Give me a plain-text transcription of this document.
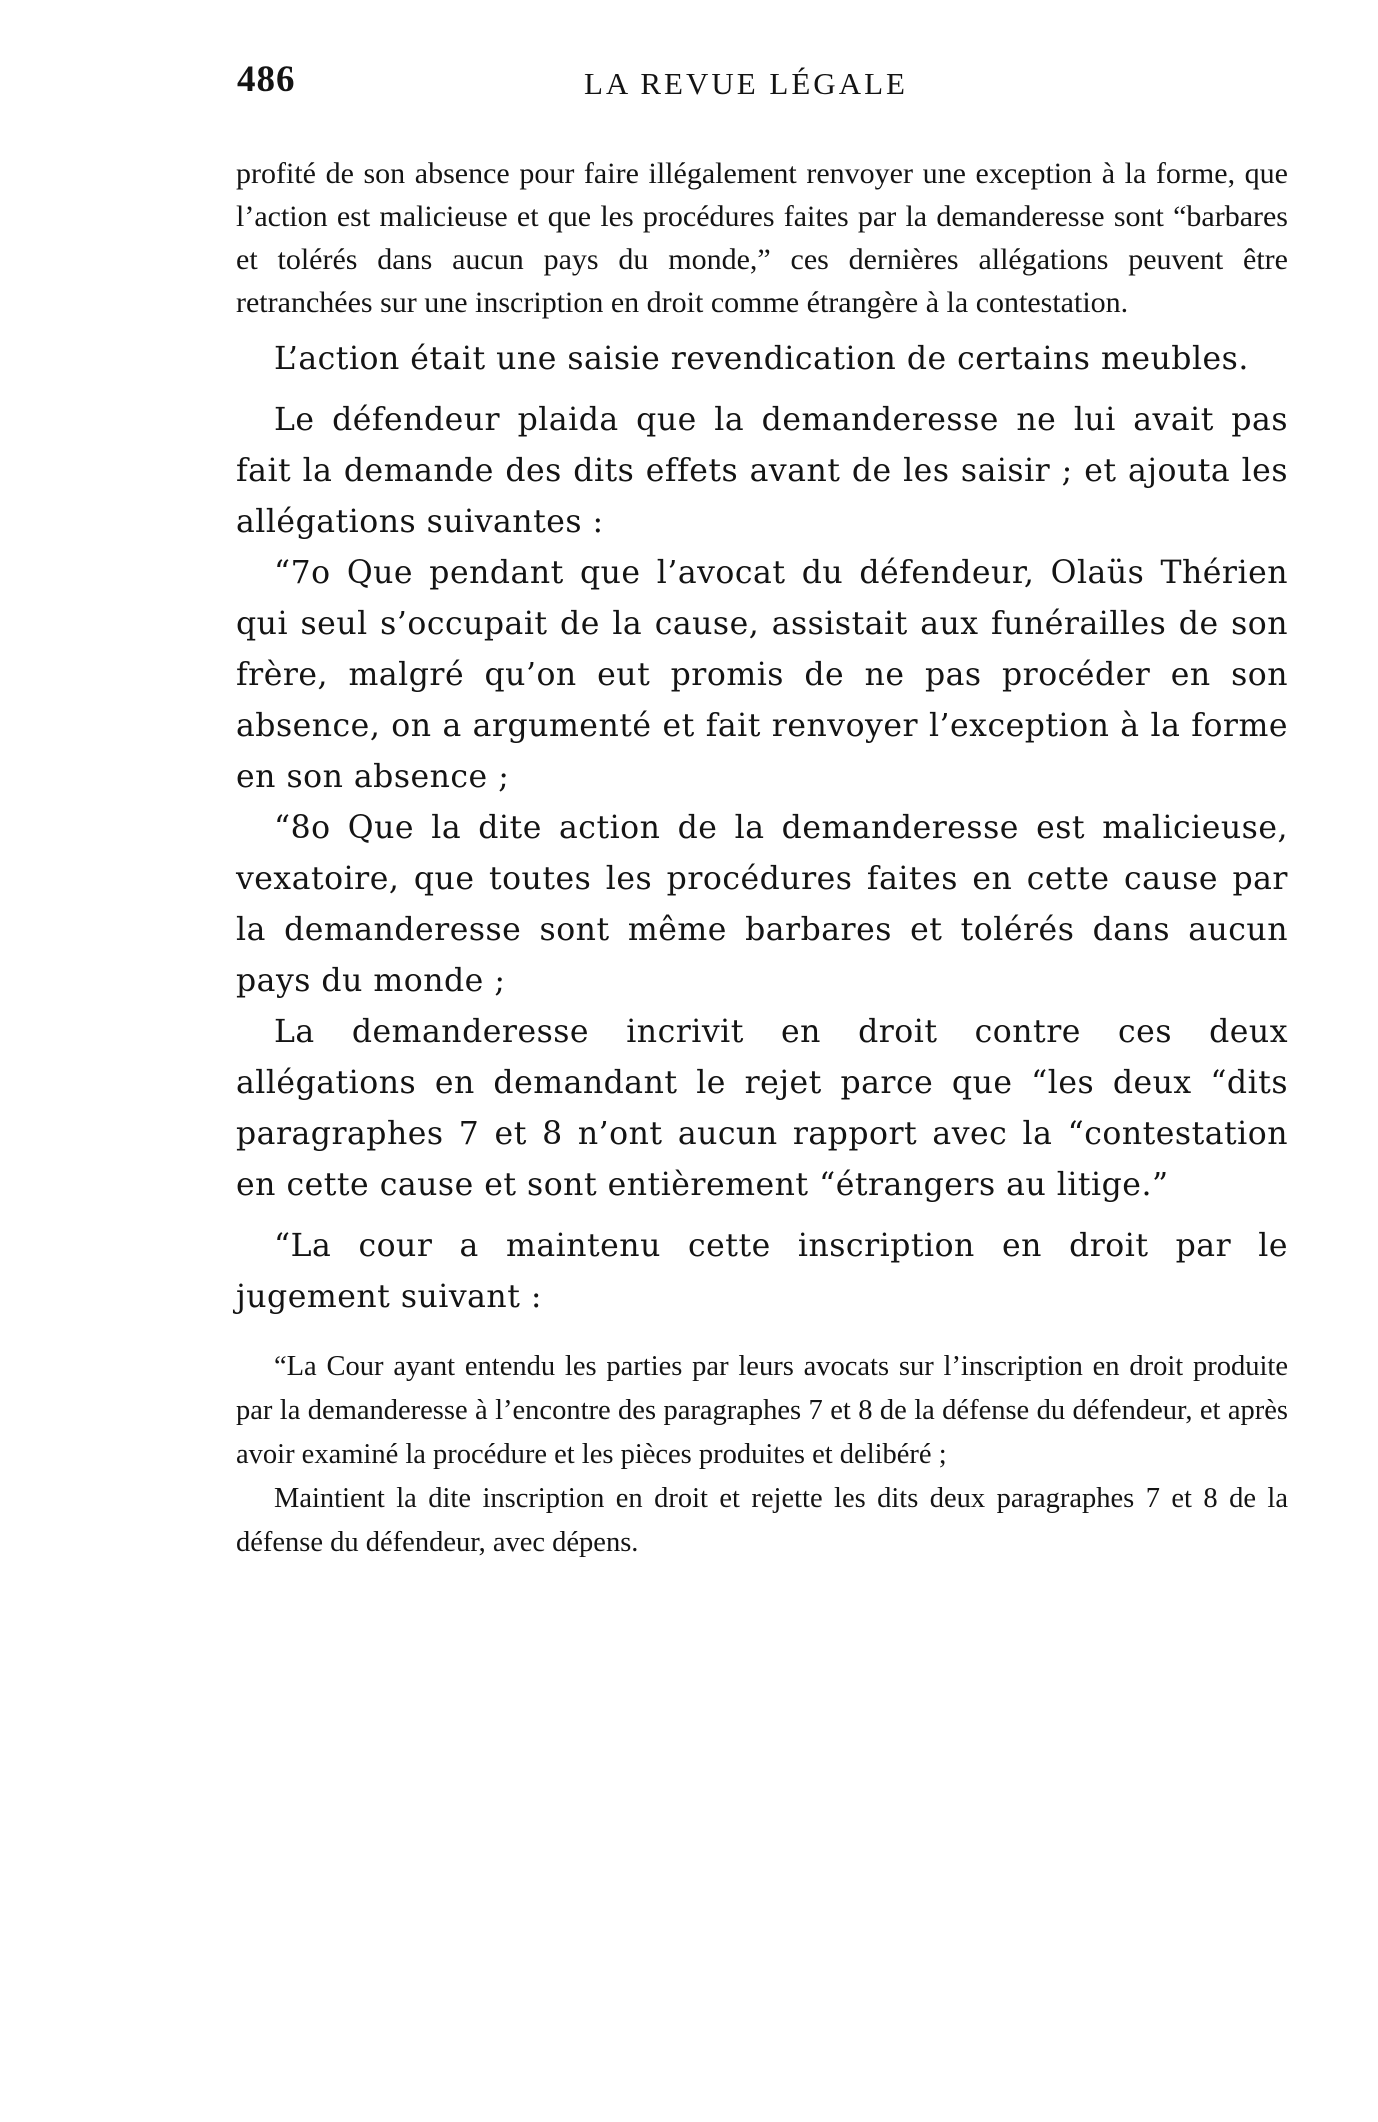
486	LA REVUE LÉGALE

profité de son absence pour faire illégalement renvoyer une exception à la forme, que l’action est malicieuse et que les procédures faites par la demanderesse sont “barbares et tolérés dans aucun pays du monde,” ces dernières allégations peuvent être retranchées sur une inscription en droit comme étrangère à la contestation.

L’action était une saisie revendication de certains meubles.

Le défendeur plaida que la demanderesse ne lui avait pas fait la demande des dits effets avant de les saisir ; et ajouta les allégations suivantes :

“7o Que pendant que l’avocat du défendeur, Olaüs Thérien qui seul s’occupait de la cause, assistait aux funérailles de son frère, malgré qu’on eut promis de ne pas procéder en son absence, on a argumenté et fait renvoyer l’exception à la forme en son absence ;

“8o Que la dite action de la demanderesse est malicieuse, vexatoire, que toutes les procédures faites en cette cause par la demanderesse sont même barbares et tolérés dans aucun pays du monde ;

La demanderesse incrivit en droit contre ces deux allégations en demandant le rejet parce que “les deux “dits paragraphes 7 et 8 n’ont aucun rapport avec la “contestation en cette cause et sont entièrement “étrangers au litige.”

“La cour a maintenu cette inscription en droit par le jugement suivant :

“La Cour ayant entendu les parties par leurs avocats sur l’inscription en droit produite par la demanderesse à l’encontre des paragraphes 7 et 8 de la défense du défendeur, et après avoir examiné la procédure et les pièces produites et delibéré ;

Maintient la dite inscription en droit et rejette les dits deux paragraphes 7 et 8 de la défense du défendeur, avec dépens.
